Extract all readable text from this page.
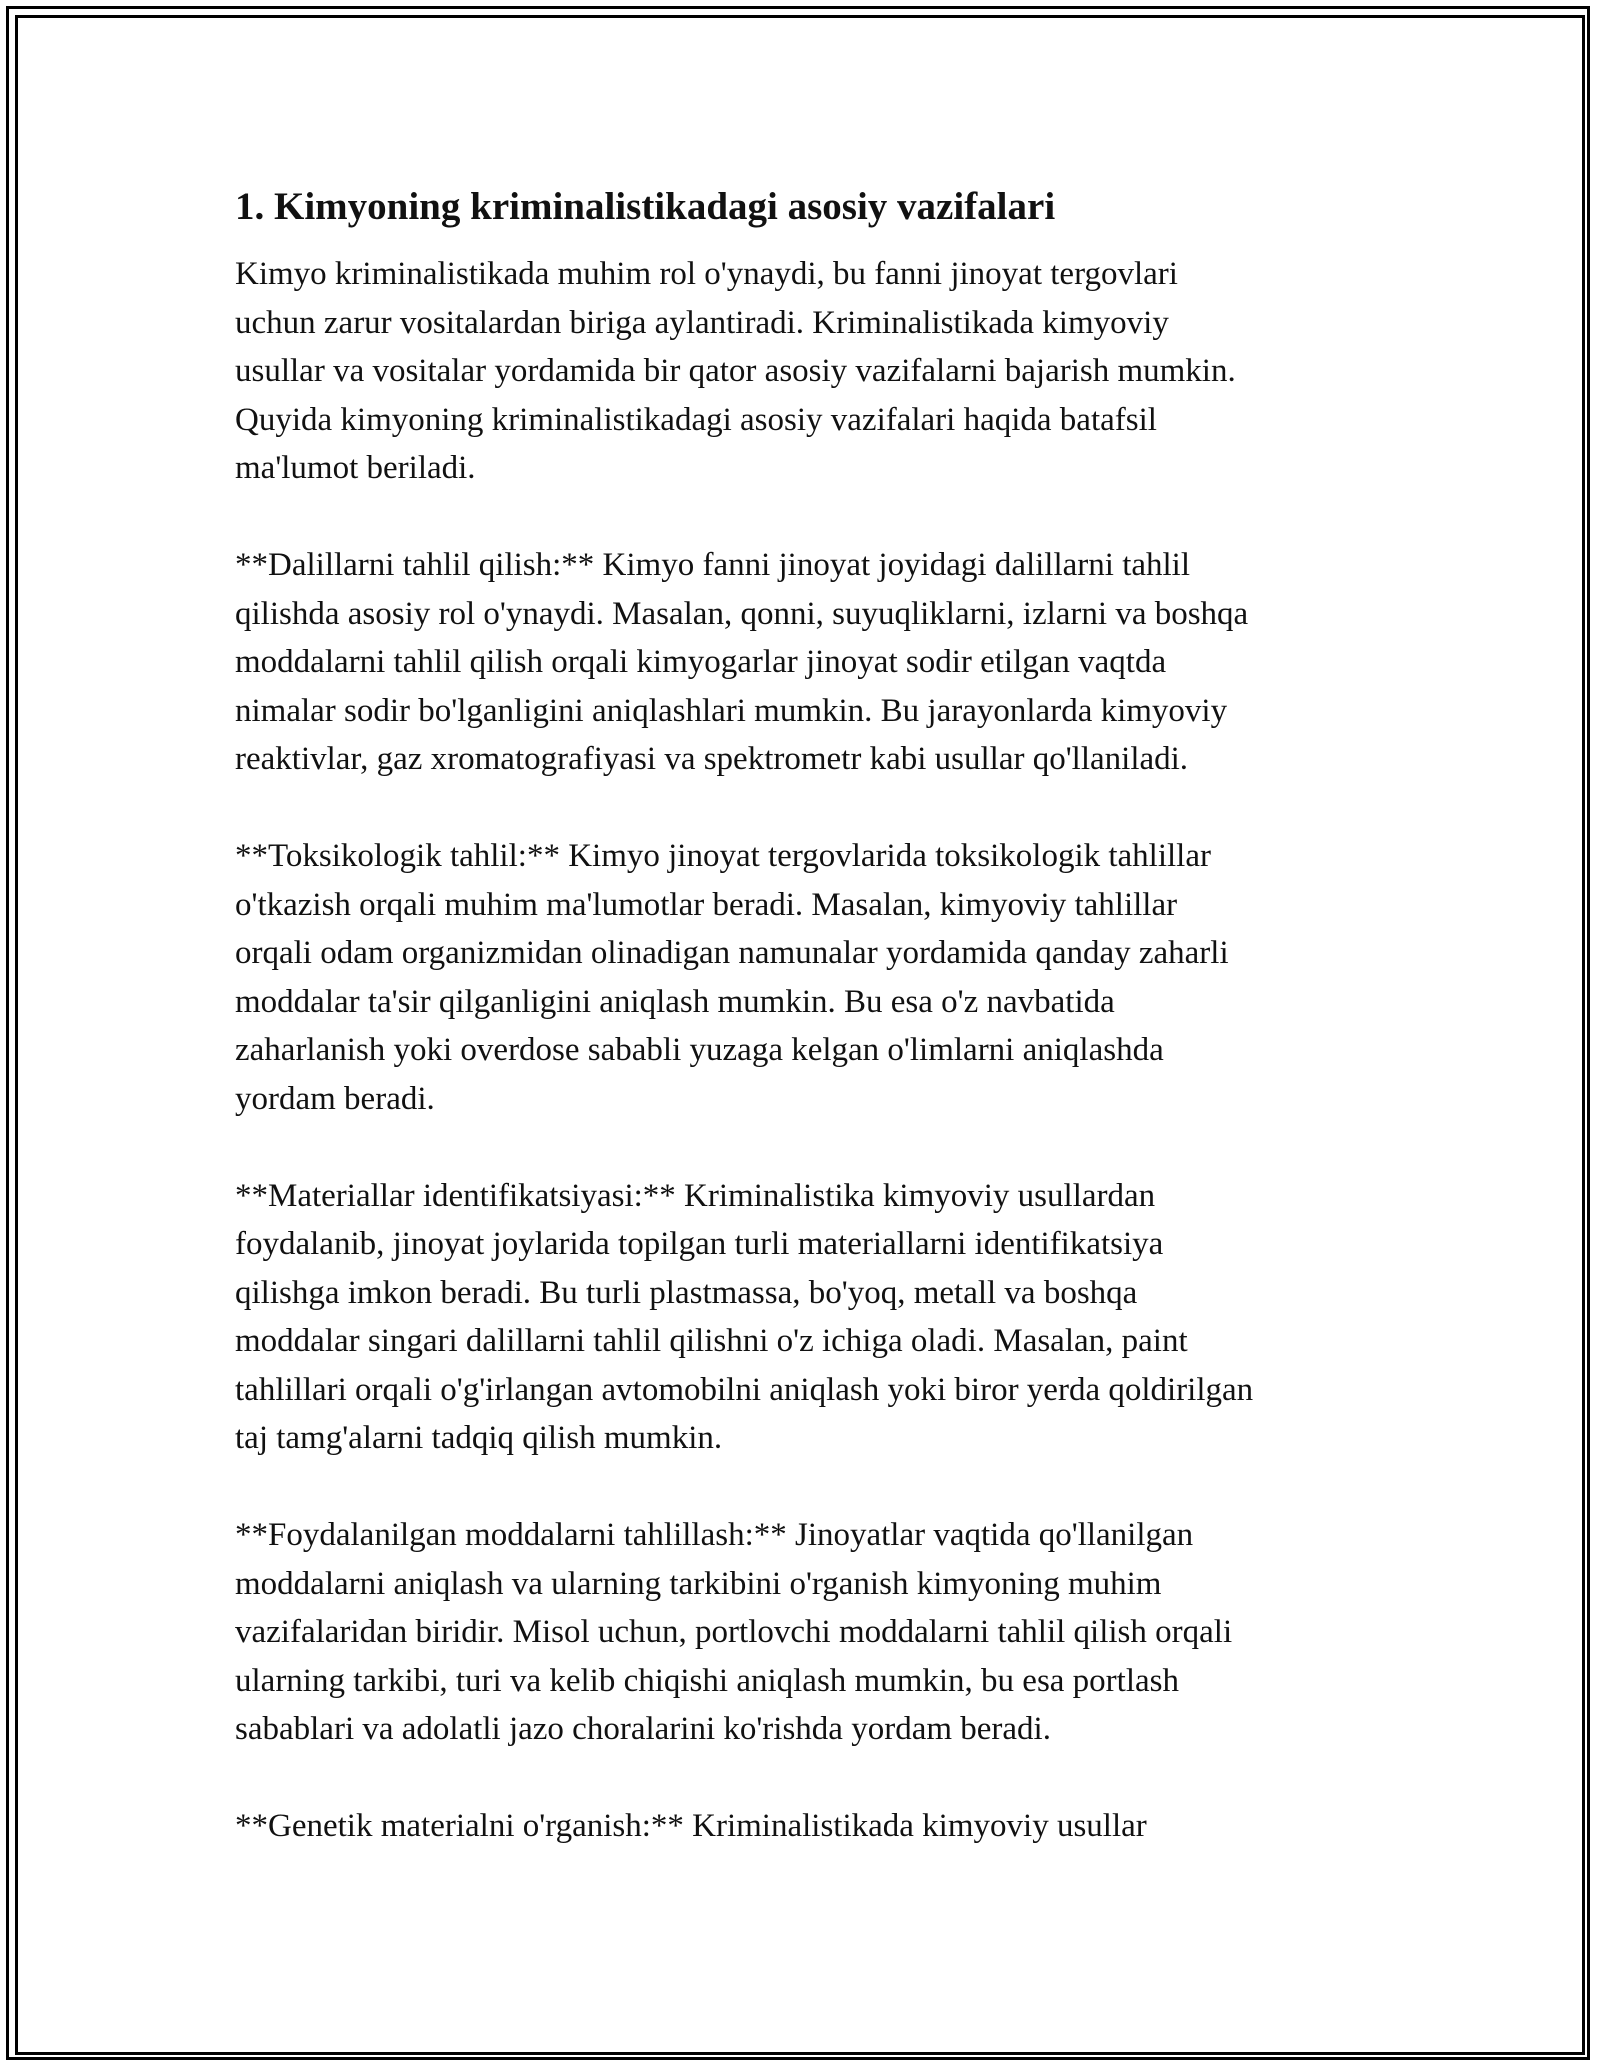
1. Kimyoning kriminalistikadagi asosiy vazifalari

Kimyo kriminalistikada muhim rol o'ynaydi, bu fanni jinoyat tergovlari
uchun zarur vositalardan biriga aylantiradi. Kriminalistikada kimyoviy
usullar va vositalar yordamida bir qator asosiy vazifalarni bajarish mumkin.
Quyida kimyoning kriminalistikadagi asosiy vazifalari haqida batafsil
ma'lumot beriladi.

**Dalillarni tahlil qilish:** Kimyo fanni jinoyat joyidagi dalillarni tahlil
qilishda asosiy rol o'ynaydi. Masalan, qonni, suyuqliklarni, izlarni va boshqa
moddalarni tahlil qilish orqali kimyogarlar jinoyat sodir etilgan vaqtda
nimalar sodir bo'lganligini aniqlashlari mumkin. Bu jarayonlarda kimyoviy
reaktivlar, gaz xromatografiyasi va spektrometr kabi usullar qo'llaniladi.

**Toksikologik tahlil:** Kimyo jinoyat tergovlarida toksikologik tahlillar
o'tkazish orqali muhim ma'lumotlar beradi. Masalan, kimyoviy tahlillar
orqali odam organizmidan olinadigan namunalar yordamida qanday zaharli
moddalar ta'sir qilganligini aniqlash mumkin. Bu esa o'z navbatida
zaharlanish yoki overdose sababli yuzaga kelgan o'limlarni aniqlashda
yordam beradi.

**Materiallar identifikatsiyasi:** Kriminalistika kimyoviy usullardan
foydalanib, jinoyat joylarida topilgan turli materiallarni identifikatsiya
qilishga imkon beradi. Bu turli plastmassa, bo'yoq, metall va boshqa
moddalar singari dalillarni tahlil qilishni o'z ichiga oladi. Masalan, paint
tahlillari orqali o'g'irlangan avtomobilni aniqlash yoki biror yerda qoldirilgan
taj tamg'alarni tadqiq qilish mumkin.

**Foydalanilgan moddalarni tahlillash:** Jinoyatlar vaqtida qo'llanilgan
moddalarni aniqlash va ularning tarkibini o'rganish kimyoning muhim
vazifalaridan biridir. Misol uchun, portlovchi moddalarni tahlil qilish orqali
ularning tarkibi, turi va kelib chiqishi aniqlash mumkin, bu esa portlash
sabablari va adolatli jazo choralarini ko'rishda yordam beradi.

**Genetik materialni o'rganish:** Kriminalistikada kimyoviy usullar
